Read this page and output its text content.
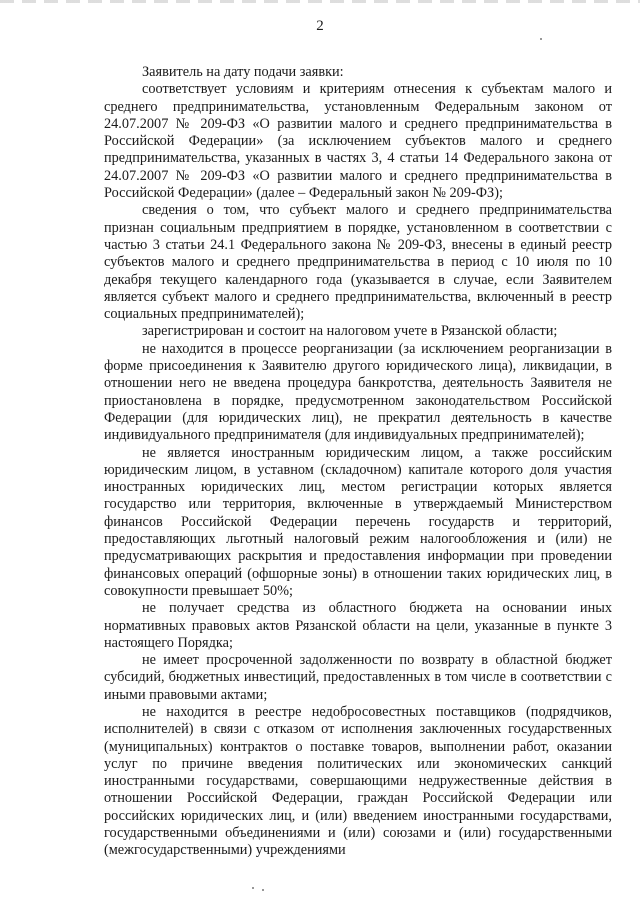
2

Заявитель на дату подачи заявки:

соответствует условиям и критериям отнесения к субъектам малого и среднего предпринимательства, установленным Федеральным законом от 24.07.2007 № 209-ФЗ «О развитии малого и среднего предпринимательства в Российской Федерации» (за исключением субъектов малого и среднего предпринимательства, указанных в частях 3, 4 статьи 14 Федерального закона от 24.07.2007 № 209-ФЗ «О развитии малого и среднего предпринимательства в Российской Федерации» (далее – Федеральный закон № 209-ФЗ);

сведения о том, что субъект малого и среднего предпринимательства признан социальным предприятием в порядке, установленном в соответствии с частью 3 статьи 24.1 Федерального закона № 209-ФЗ, внесены в единый реестр субъектов малого и среднего предпринимательства в период с 10 июля по 10 декабря текущего календарного года (указывается в случае, если Заявителем является субъект малого и среднего предпринимательства, включенный в реестр социальных предпринимателей);

зарегистрирован и состоит на налоговом учете в Рязанской области;

не находится в процессе реорганизации (за исключением реорганизации в форме присоединения к Заявителю другого юридического лица), ликвидации, в отношении него не введена процедура банкротства, деятельность Заявителя не приостановлена в порядке, предусмотренном законодательством Российской Федерации (для юридических лиц), не прекратил деятельность в качестве индивидуального предпринимателя (для индивидуальных предпринимателей);

не является иностранным юридическим лицом, а также российским юридическим лицом, в уставном (складочном) капитале которого доля участия иностранных юридических лиц, местом регистрации которых является государство или территория, включенные в утверждаемый Министерством финансов Российской Федерации перечень государств и территорий, предоставляющих льготный налоговый режим налогообложения и (или) не предусматривающих раскрытия и предоставления информации при проведении финансовых операций (офшорные зоны) в отношении таких юридических лиц, в совокупности превышает 50%;

не получает средства из областного бюджета на основании иных нормативных правовых актов Рязанской области на цели, указанные в пункте 3 настоящего Порядка;

не имеет просроченной задолженности по возврату в областной бюджет субсидий, бюджетных инвестиций, предоставленных в том числе в соответствии с иными правовыми актами;

не находится в реестре недобросовестных поставщиков (подрядчиков, исполнителей) в связи с отказом от исполнения заключенных государственных (муниципальных) контрактов о поставке товаров, выполнении работ, оказании услуг по причине введения политических или экономических санкций иностранными государствами, совершающими недружественные действия в отношении Российской Федерации, граждан Российской Федерации или российских юридических лиц, и (или) введением иностранными государствами, государственными объединениями и (или) союзами и (или) государственными (межгосударственными) учреждениями
